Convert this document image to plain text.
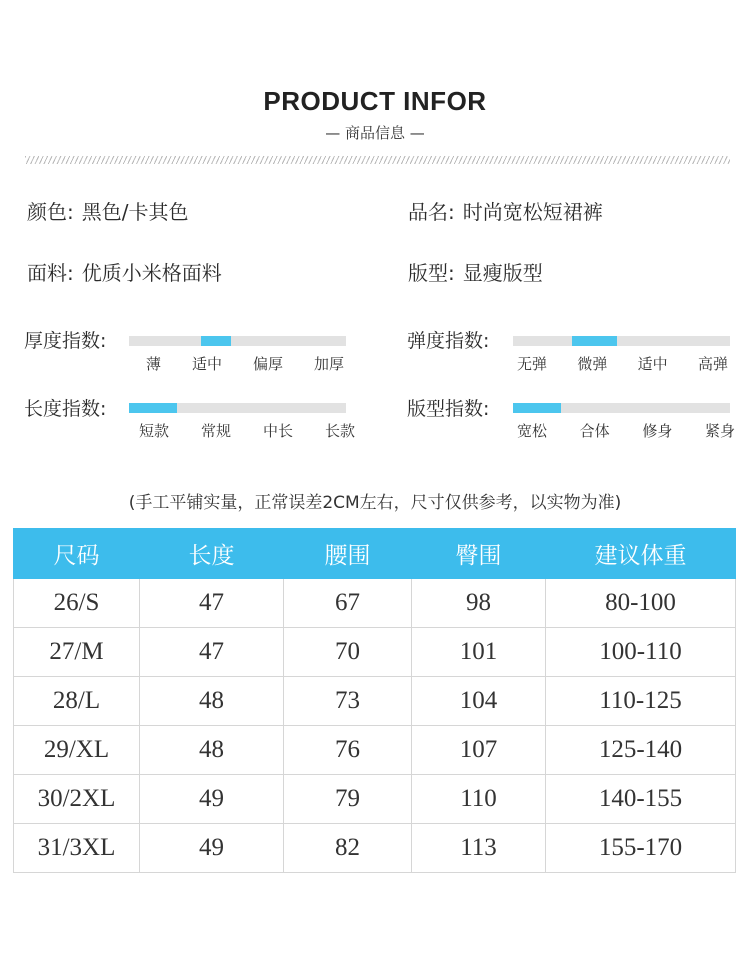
PRODUCT INFOR
— 商品信息 —
颜色: 黑色/卡其色	品名: 时尚宽松短裙裤
面料: 优质小米格面料	版型: 显瘦版型
厚度指数:
薄 适中 偏厚 加厚
弹度指数:
无弹 微弹 适中 高弹
长度指数:
短款 常规 中长 长款
版型指数:
宽松 合体 修身 紧身
(手工平铺实量，正常误差2CM左右，尺寸仅供参考，以实物为准)
尺码	长度	腰围	臀围	建议体重
26/S	47	67	98	80-100
27/M	47	70	101	100-110
28/L	48	73	104	110-125
29/XL	48	76	107	125-140
30/2XL	49	79	110	140-155
31/3XL	49	82	113	155-170
